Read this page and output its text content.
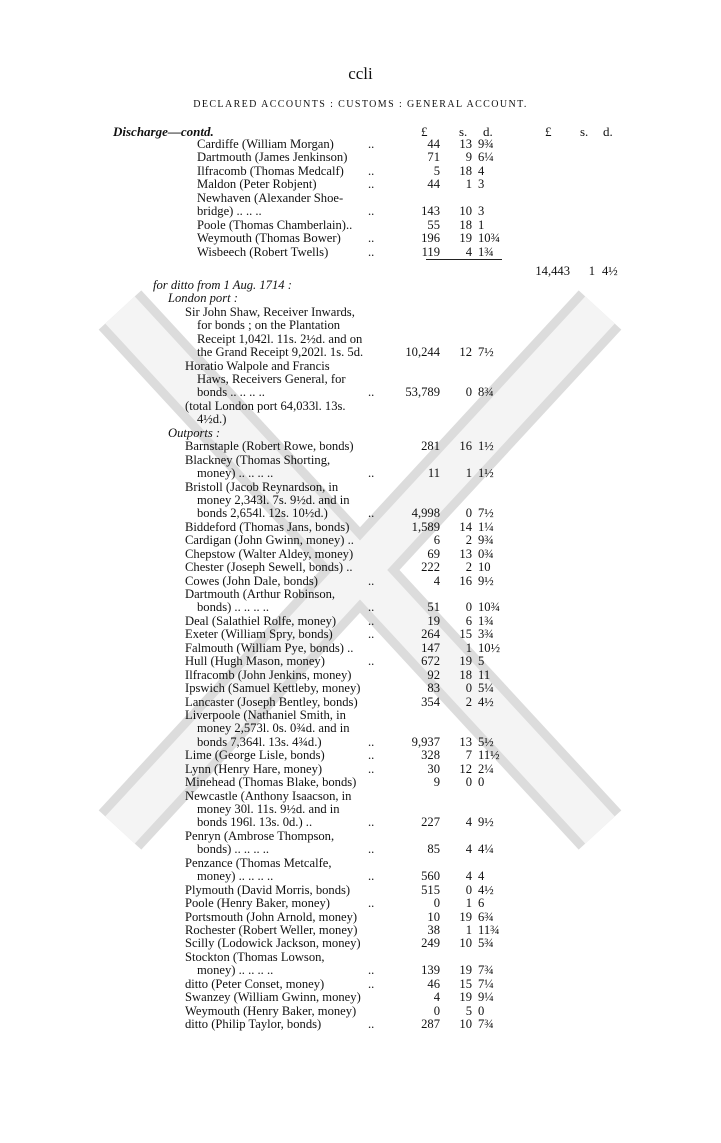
ccli
DECLARED ACCOUNTS : CUSTOMS : GENERAL ACCOUNT.
Discharge—contd.	£ s. d.	£ s. d.
Cardiffe (William Morgan)	..	44	13 9¾
Dartmouth (James Jenkinson)	71	9 6¼
Ilfracomb (Thomas Medcalf) ..	5	18 4
Maldon (Peter Robjent)	..	44	1 3
Newhaven (Alexander Shoe-
bridge) .. .. ..	..	143	10 3
Poole (Thomas Chamberlain)..	55	18 1
Weymouth (Thomas Bower) ..	196	19 10¾
Wisbeech (Robert Twells)	..	119	4 1¾
14,443	1 4½
for ditto from 1 Aug. 1714 :
London port :
Sir John Shaw, Receiver Inwards,
for bonds ; on the Plantation
Receipt 1,042l. 11s. 2½d. and on
the Grand Receipt 9,202l. 1s. 5d.	10,244	12 7½
Horatio Walpole and Francis
Haws, Receivers General, for
bonds .. .. .. ..	..	53,789	0 8¾
(total London port 64,033l. 13s.
4½d.)
Outports :
Barnstaple (Robert Rowe, bonds)	281	16 1½
Blackney (Thomas Shorting,
money) .. .. .. ..	..	11	1 1½
Bristoll (Jacob Reynardson, in
money 2,343l. 7s. 9½d. and in
bonds 2,654l. 12s. 10½d.)	..	4,998	0 7½
Biddeford (Thomas Jans, bonds)	1,589	14 1¼
Cardigan (John Gwinn, money) ..	6	2 9¾
Chepstow (Walter Aldey, money)	69	13 0¾
Chester (Joseph Sewell, bonds) ..	222	2 10
Cowes (John Dale, bonds)	..	4	16 9½
Dartmouth (Arthur Robinson,
bonds) .. .. .. ..	..	51	0 10¾
Deal (Salathiel Rolfe, money)	..	19	6 1¾
Exeter (William Spry, bonds)	..	264	15 3¾
Falmouth (William Pye, bonds) ..	147	1 10½
Hull (Hugh Mason, money)	..	672	19 5
Ilfracomb (John Jenkins, money)	92	18 11
Ipswich (Samuel Kettleby, money)	83	0 5¼
Lancaster (Joseph Bentley, bonds)	354	2 4½
Liverpoole (Nathaniel Smith, in
money 2,573l. 0s. 0¾d. and in
bonds 7,364l. 13s. 4¾d.)	..	9,937	13 5½
Lime (George Lisle, bonds)	..	328	7 11½
Lynn (Henry Hare, money)	..	30	12 2¼
Minehead (Thomas Blake, bonds)	9	0 0
Newcastle (Anthony Isaacson, in
money 30l. 11s. 9½d. and in
bonds 196l. 13s. 0d.) ..	..	227	4 9½
Penryn (Ambrose Thompson,
bonds) .. .. .. ..	..	85	4 4¼
Penzance (Thomas Metcalfe,
money) .. .. .. ..	..	560	4 4
Plymouth (David Morris, bonds)	515	0 4½
Poole (Henry Baker, money)	..	0	1 6
Portsmouth (John Arnold, money)	10	19 6¾
Rochester (Robert Weller, money)	38	1 11¾
Scilly (Lodowick Jackson, money)	249	10 5¾
Stockton (Thomas Lowson,
money) .. .. .. ..	..	139	19 7¾
ditto (Peter Conset, money)	..	46	15 7¼
Swanzey (William Gwinn, money)	4	19 9¼
Weymouth (Henry Baker, money)	0	5 0
ditto (Philip Taylor, bonds)	..	287	10 7¾
